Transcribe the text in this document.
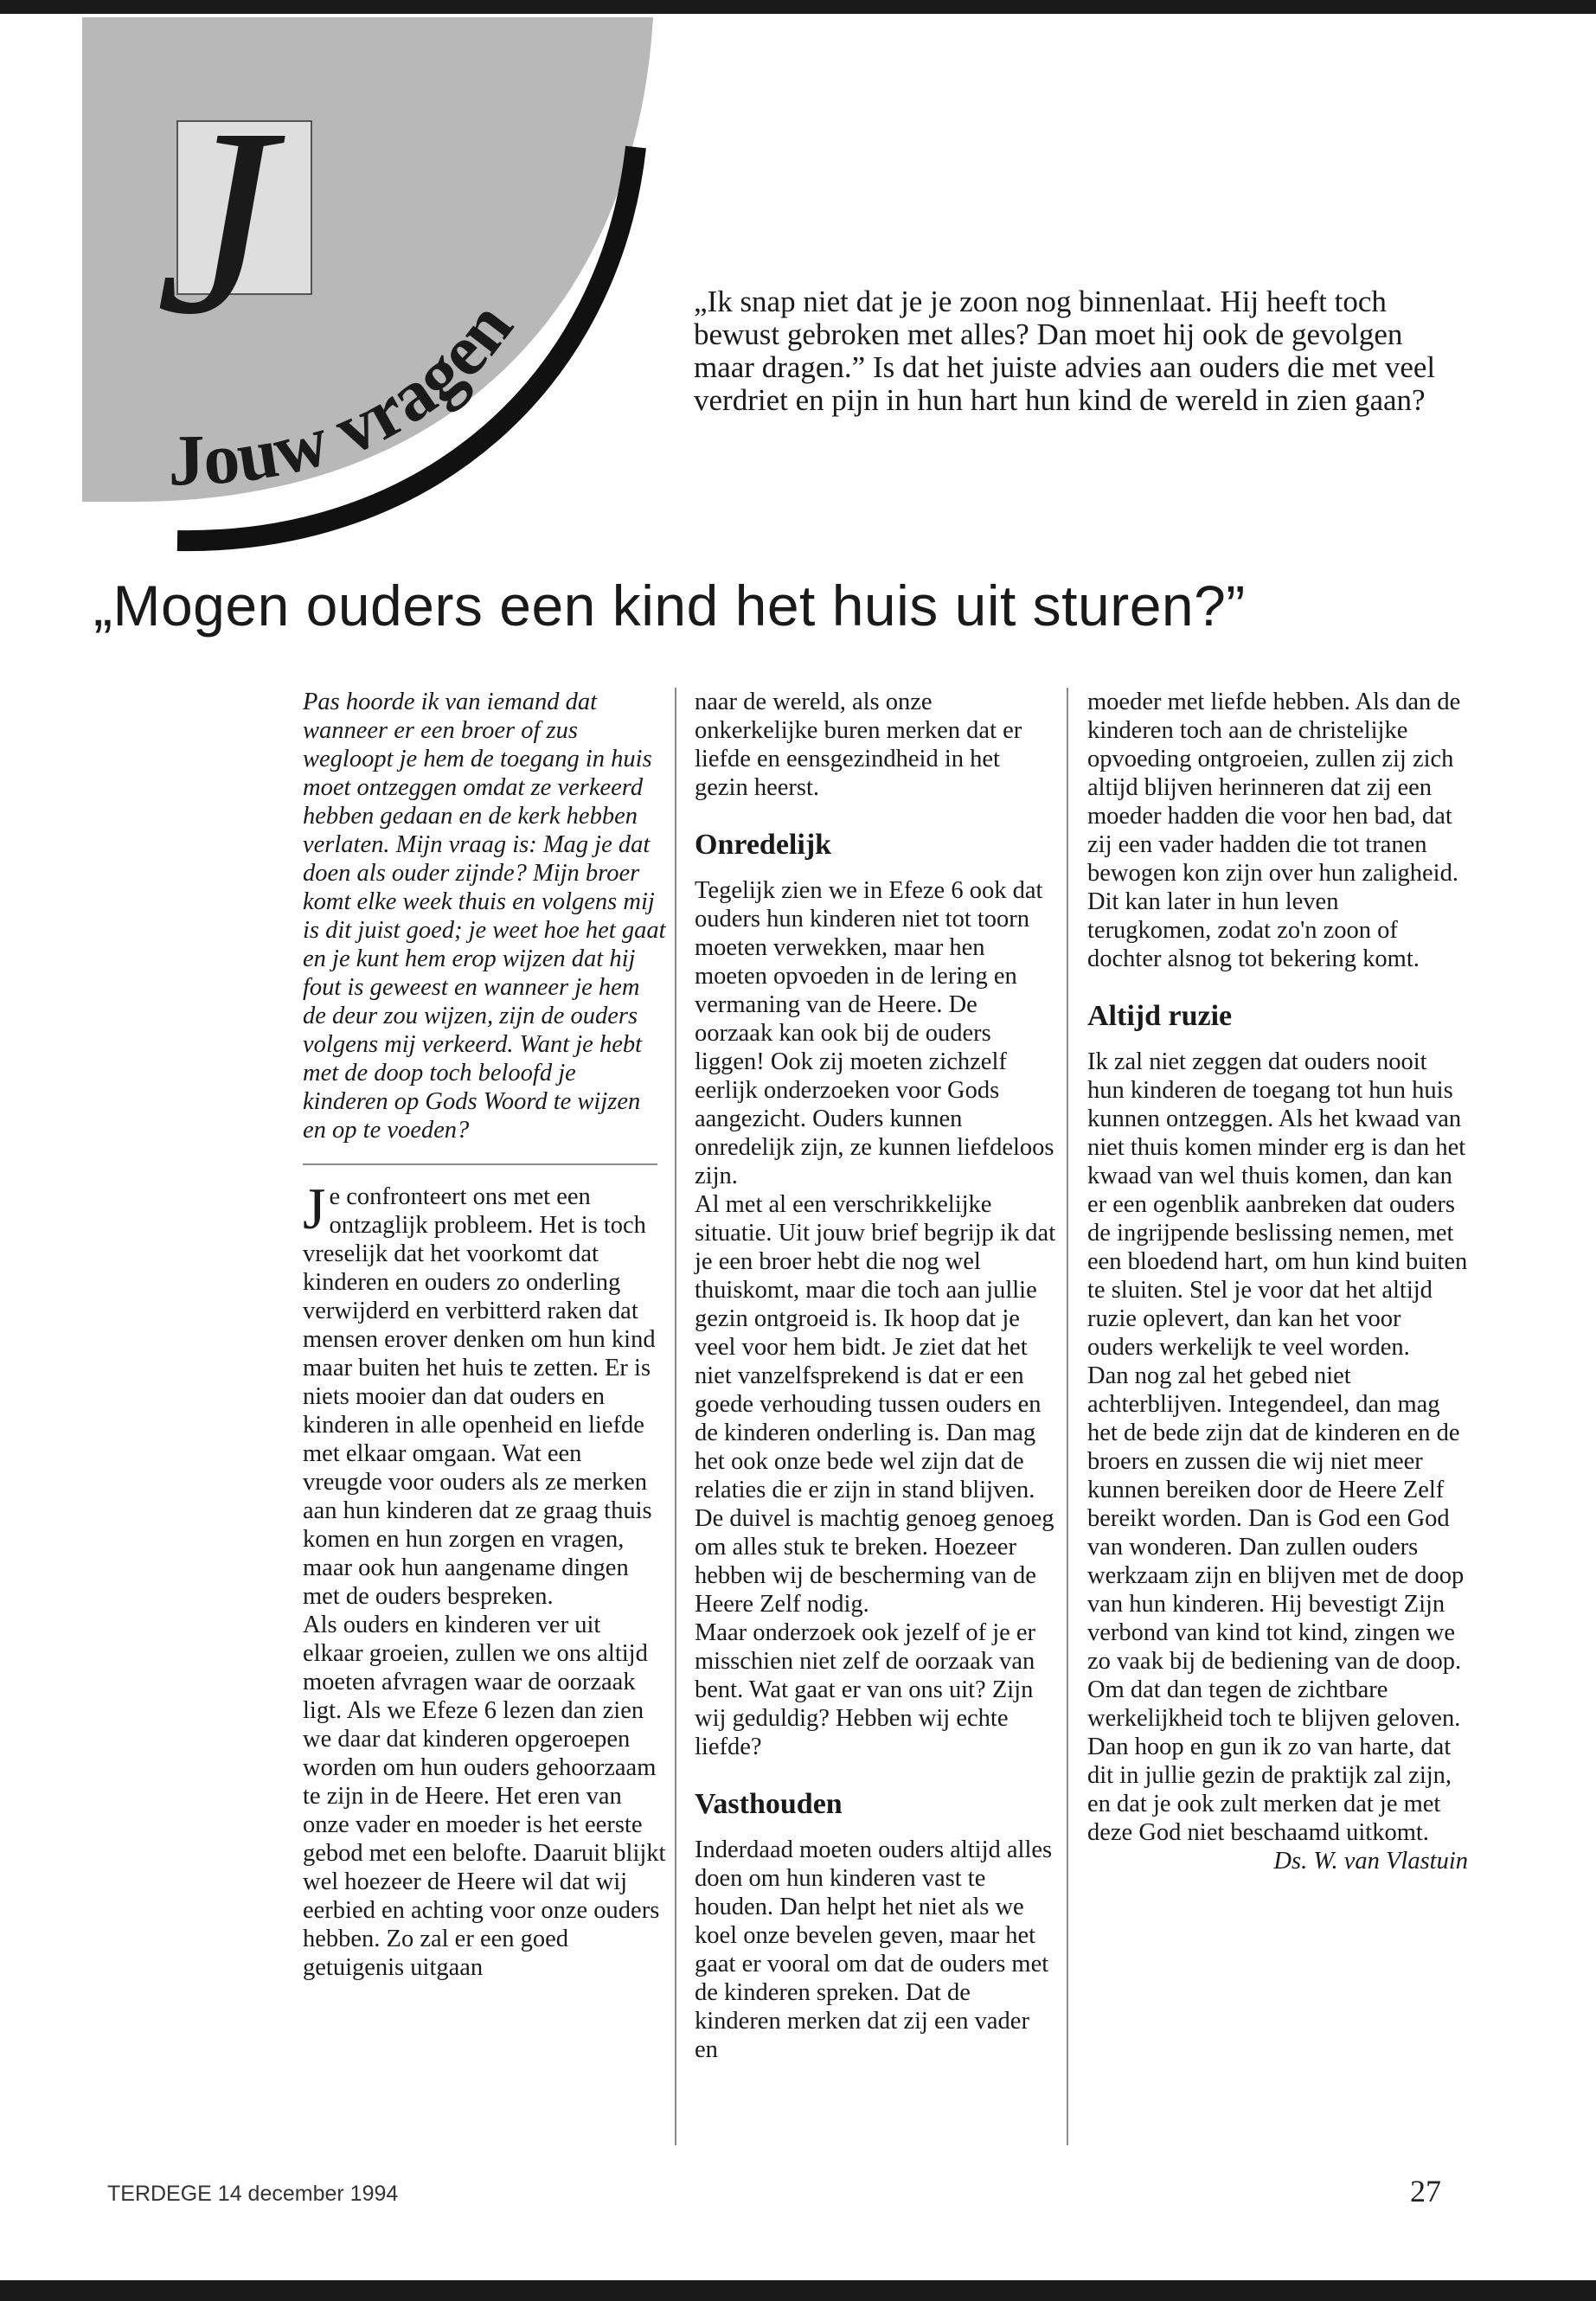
J
Jouw vragen	„Ik snap niet dat je je zoon nog binnenlaat. Hij heeft toch bewust gebroken met alles? Dan moet hij ook de gevolgen maar dragen.” Is dat het juiste advies aan ouders die met veel verdriet en pijn in hun hart hun kind de wereld in zien gaan?

„Mogen ouders een kind het huis uit sturen?”

Pas hoorde ik van iemand dat wanneer er een broer of zus wegloopt je hem de toegang in huis moet ontzeggen omdat ze verkeerd hebben gedaan en de kerk hebben verlaten. Mijn vraag is: Mag je dat doen als ouder zijnde? Mijn broer komt elke week thuis en volgens mij is dit juist goed; je weet hoe het gaat en je kunt hem erop wijzen dat hij fout is geweest en wanneer je hem de deur zou wijzen, zijn de ouders volgens mij verkeerd. Want je hebt met de doop toch beloofd je kinderen op Gods Woord te wijzen en op te voeden?

Je confronteert ons met een ontzaglijk probleem. Het is toch vreselijk dat het voorkomt dat kinderen en ouders zo onderling verwijderd en verbitterd raken dat mensen erover denken om hun kind maar buiten het huis te zetten. Er is niets mooier dan dat ouders en kinderen in alle openheid en liefde met elkaar omgaan. Wat een vreugde voor ouders als ze merken aan hun kinderen dat ze graag thuis komen en hun zorgen en vragen, maar ook hun aangename dingen met de ouders bespreken.

Als ouders en kinderen ver uit elkaar groeien, zullen we ons altijd moeten afvragen waar de oorzaak ligt. Als we Efeze 6 lezen dan zien we daar dat kinderen opgeroepen worden om hun ouders gehoorzaam te zijn in de Heere. Het eren van onze vader en moeder is het eerste gebod met een belofte. Daaruit blijkt wel hoezeer de Heere wil dat wij eerbied en achting voor onze ouders hebben. Zo zal er een goed getuigenis uitgaan

naar de wereld, als onze onkerkelijke buren merken dat er liefde en eensgezindheid in het gezin heerst.

Onredelijk

Tegelijk zien we in Efeze 6 ook dat ouders hun kinderen niet tot toorn moeten verwekken, maar hen moeten opvoeden in de lering en vermaning van de Heere. De oorzaak kan ook bij de ouders liggen! Ook zij moeten zichzelf eerlijk onderzoeken voor Gods aangezicht. Ouders kunnen onredelijk zijn, ze kunnen liefdeloos zijn.

Al met al een verschrikkelijke situatie. Uit jouw brief begrijp ik dat je een broer hebt die nog wel thuiskomt, maar die toch aan jullie gezin ontgroeid is. Ik hoop dat je veel voor hem bidt. Je ziet dat het niet vanzelfsprekend is dat er een goede verhouding tussen ouders en de kinderen onderling is. Dan mag het ook onze bede wel zijn dat de relaties die er zijn in stand blijven. De duivel is machtig genoeg genoeg om alles stuk te breken. Hoezeer hebben wij de bescherming van de Heere Zelf nodig.

Maar onderzoek ook jezelf of je er misschien niet zelf de oorzaak van bent. Wat gaat er van ons uit? Zijn wij geduldig? Hebben wij echte liefde?

Vasthouden

Inderdaad moeten ouders altijd alles doen om hun kinderen vast te houden. Dan helpt het niet als we koel onze bevelen geven, maar het gaat er vooral om dat de ouders met de kinderen spreken. Dat de kinderen merken dat zij een vader en

moeder met liefde hebben. Als dan de kinderen toch aan de christelijke opvoeding ontgroeien, zullen zij zich altijd blijven herinneren dat zij een moeder hadden die voor hen bad, dat zij een vader hadden die tot tranen bewogen kon zijn over hun zaligheid. Dit kan later in hun leven terugkomen, zodat zo'n zoon of dochter alsnog tot bekering komt.

Altijd ruzie

Ik zal niet zeggen dat ouders nooit hun kinderen de toegang tot hun huis kunnen ontzeggen. Als het kwaad van niet thuis komen minder erg is dan het kwaad van wel thuis komen, dan kan er een ogenblik aanbreken dat ouders de ingrijpende beslissing nemen, met een bloedend hart, om hun kind buiten te sluiten. Stel je voor dat het altijd ruzie oplevert, dan kan het voor ouders werkelijk te veel worden.

Dan nog zal het gebed niet achterblijven. Integendeel, dan mag het de bede zijn dat de kinderen en de broers en zussen die wij niet meer kunnen bereiken door de Heere Zelf bereikt worden. Dan is God een God van wonderen. Dan zullen ouders werkzaam zijn en blijven met de doop van hun kinderen. Hij bevestigt Zijn verbond van kind tot kind, zingen we zo vaak bij de bediening van de doop. Om dat dan tegen de zichtbare werkelijkheid toch te blijven geloven.

Dan hoop en gun ik zo van harte, dat dit in jullie gezin de praktijk zal zijn, en dat je ook zult merken dat je met deze God niet beschaamd uitkomt.

Ds. W. van Vlastuin

TERDEGE 14 december 1994	27
